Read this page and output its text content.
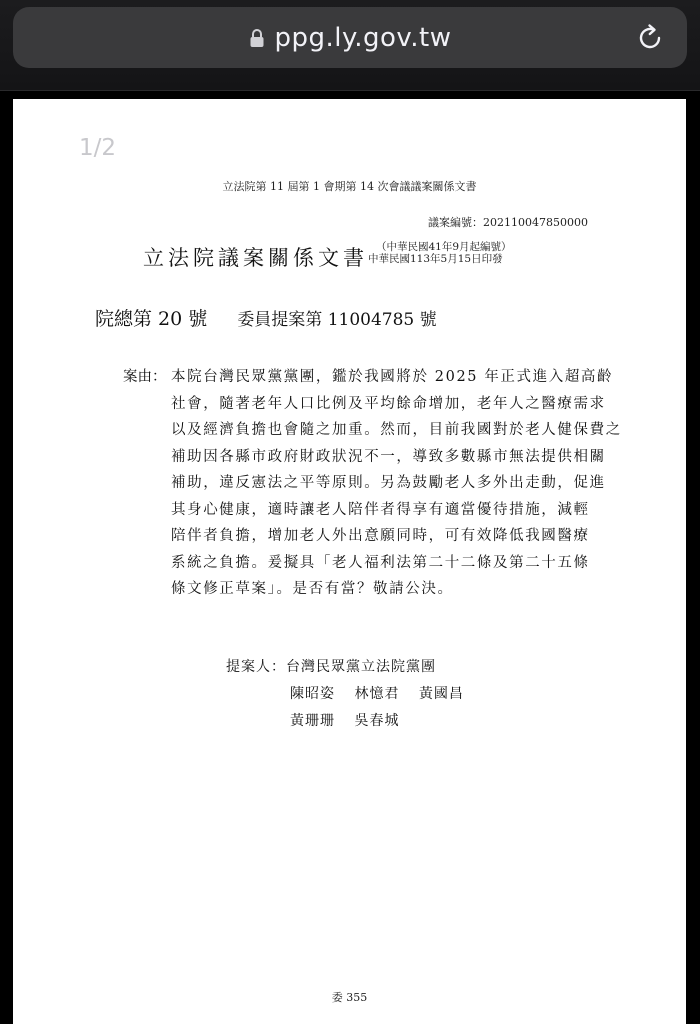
ppg.ly.gov.tw
1/2
立法院第 11 屆第 1 會期第 14 次會議議案關係文書
議案編號：202110047850000
立法院議案關係文書 （中華民國41年9月起編號）
中華民國113年5月15日印發
院總第 20 號 委員提案第 11004785 號
案由： 本院台灣民眾黨黨團，鑑於我國將於 2025 年正式進入超高齡
社會，隨著老年人口比例及平均餘命增加，老年人之醫療需求
以及經濟負擔也會隨之加重。然而，目前我國對於老人健保費之
補助因各縣市政府財政狀況不一，導致多數縣市無法提供相關
補助，違反憲法之平等原則。另為鼓勵老人多外出走動，促進
其身心健康，適時讓老人陪伴者得享有適當優待措施，減輕
陪伴者負擔，增加老人外出意願同時，可有效降低我國醫療
系統之負擔。爰擬具「老人福利法第二十二條及第二十五條
條文修正草案」。是否有當？敬請公決。
提案人：台灣民眾黨立法院黨團
陳昭姿 林憶君 黃國昌
黃珊珊 吳春城
委 355
